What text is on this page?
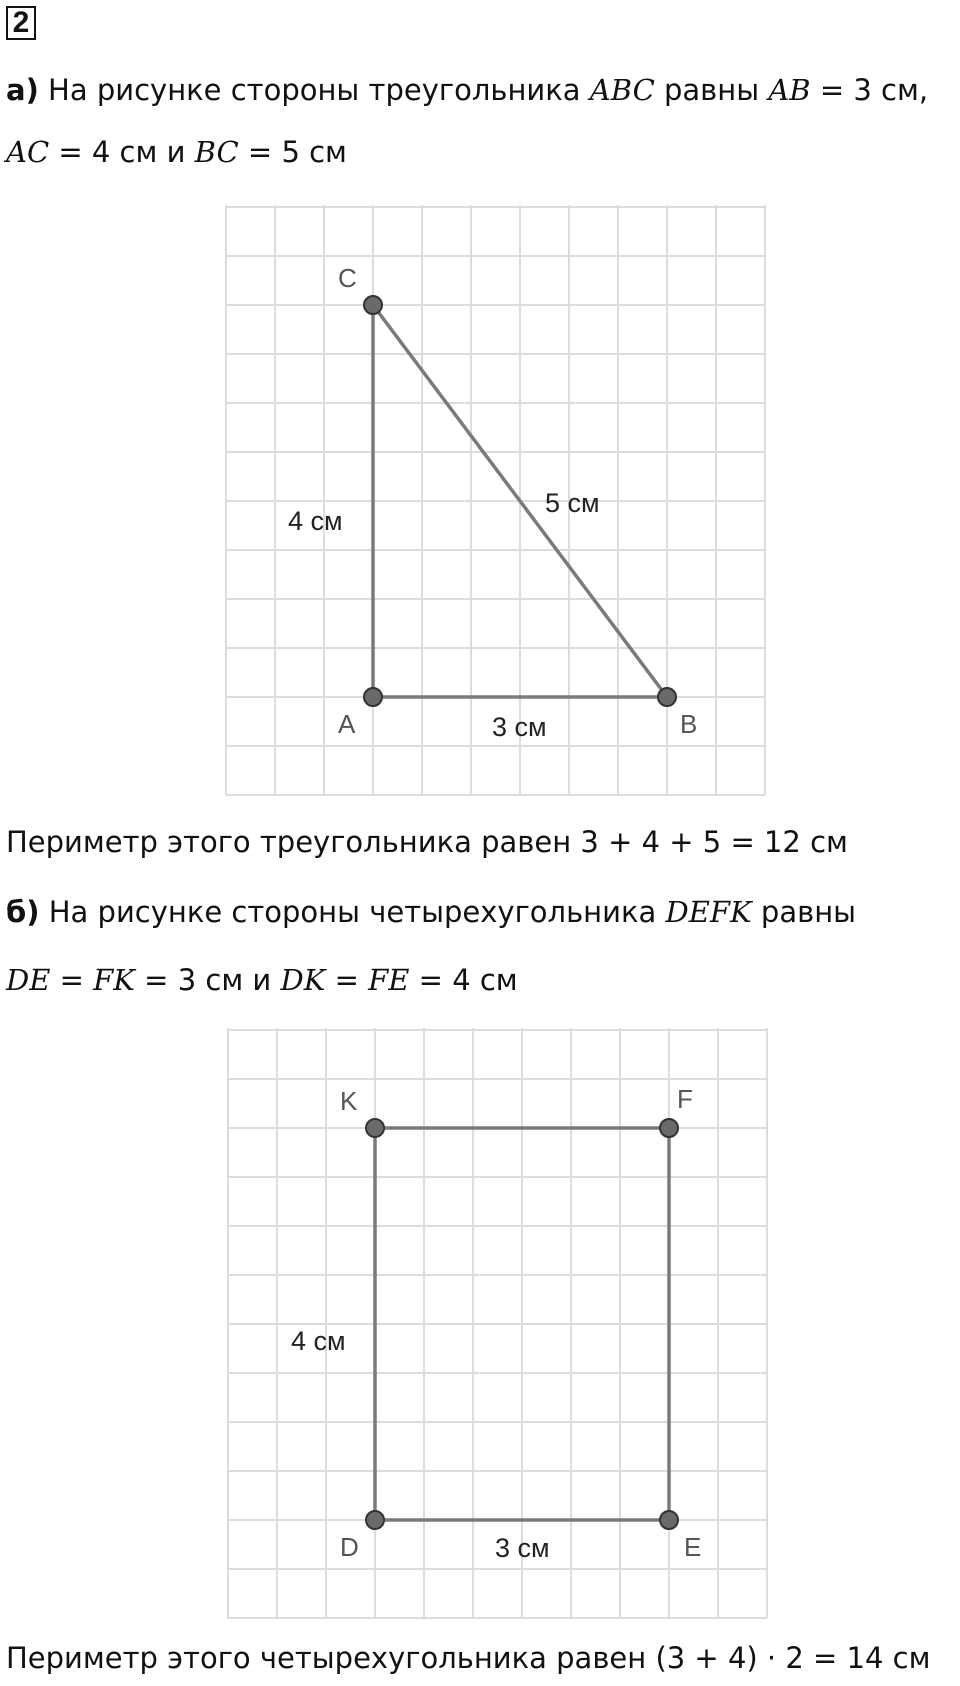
2
а) На рисунке стороны треугольника ABC равны AB = 3 см,
AC = 4 см и BC = 5 см
C
A	B
4 см
5 см
3 см
Периметр этого треугольника равен 3 + 4 + 5 = 12 см
б) На рисунке стороны четырехугольника DEFK равны
DE = FK = 3 см и DK = FE = 4 см
K	F
D	E
4 см
3 см
Периметр этого четырехугольника равен (3 + 4) · 2 = 14 см
